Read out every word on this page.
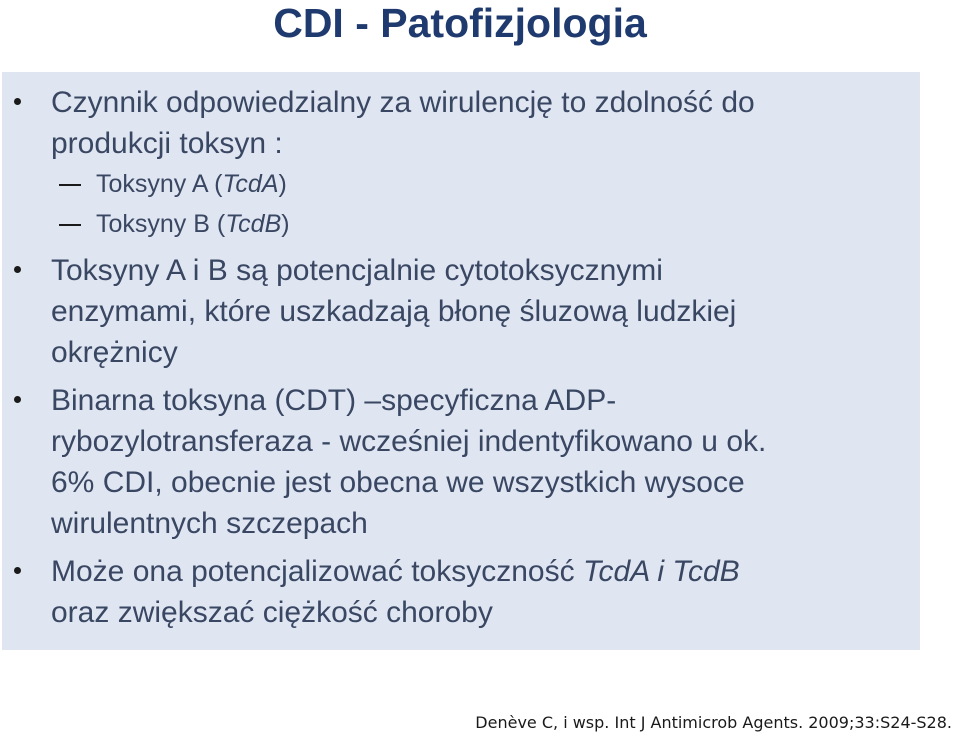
CDI - Patofizjologia
Czynnik odpowiedzialny za wirulencję to zdolność do
produkcji toksyn :
Toksyny A (TcdA)
Toksyny B (TcdB)
Toksyny A i B są potencjalnie cytotoksycznymi
enzymami, które uszkadzają błonę śluzową ludzkiej
okrężnicy
Binarna toksyna (CDT) –specyficzna ADP-
rybozylotransferaza - wcześniej indentyfikowano u ok.
6% CDI, obecnie jest obecna we wszystkich wysoce
wirulentnych szczepach
Może ona potencjalizować toksyczność TcdA i TcdB
oraz zwiększać ciężkość choroby
Denève C, i wsp. Int J Antimicrob Agents. 2009;33:S24-S28.
